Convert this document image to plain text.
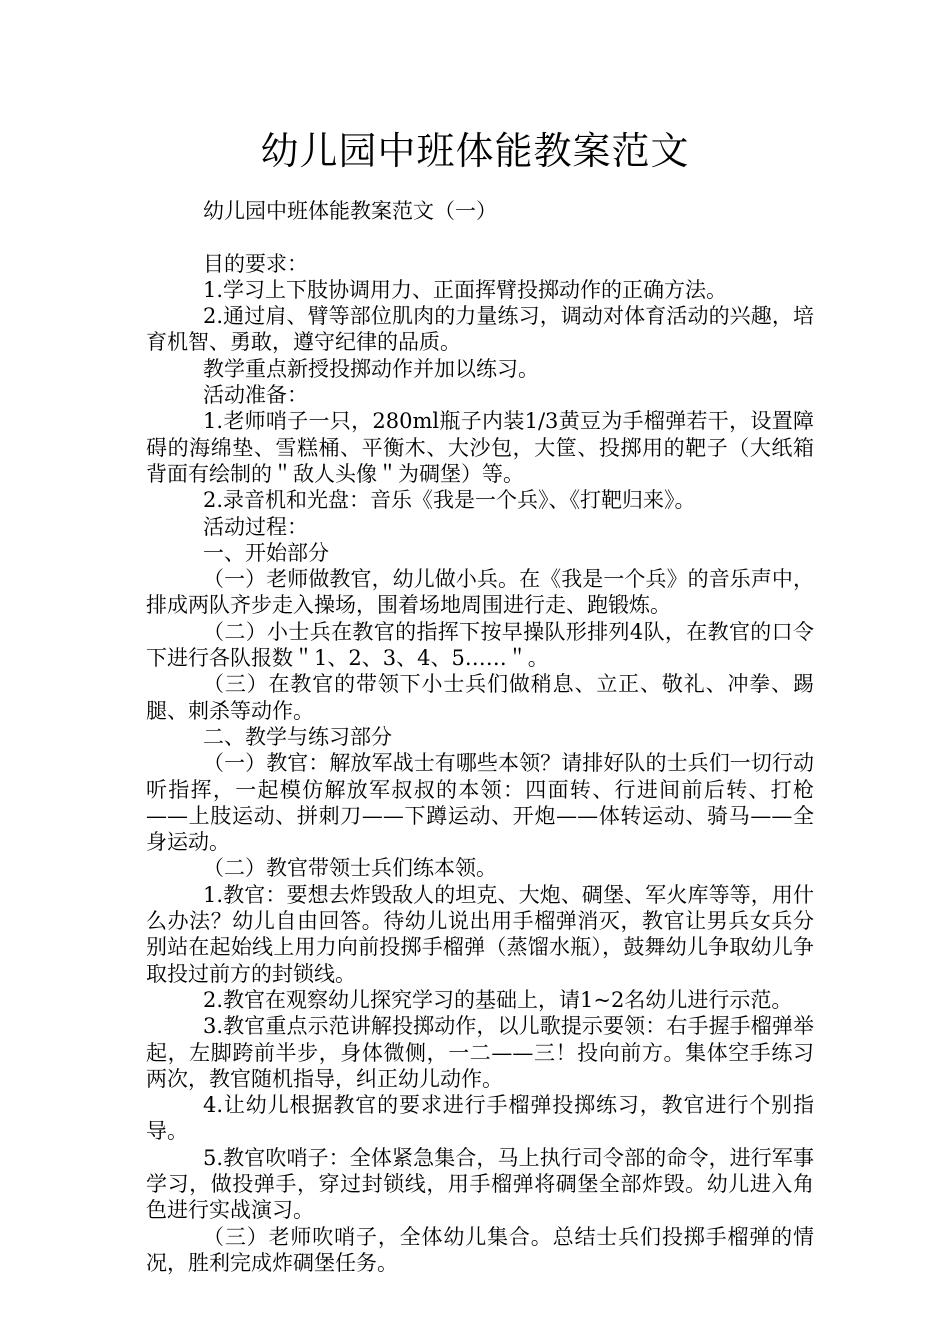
幼儿园中班体能教案范文

幼儿园中班体能教案范文（一）

目的要求：

1.学习上下肢协调用力、正面挥臂投掷动作的正确方法。

2.通过肩、臂等部位肌肉的力量练习，调动对体育活动的兴趣，培育机智、勇敢，遵守纪律的品质。

教学重点新授投掷动作并加以练习。

活动准备：

1.老师哨子一只，280ml瓶子内装1/3黄豆为手榴弹若干，设置障碍的海绵垫、雪糕桶、平衡木、大沙包，大筐、投掷用的靶子（大纸箱背面有绘制的＂敌人头像＂为碉堡）等。

2.录音机和光盘：音乐《我是一个兵》、《打靶归来》。

活动过程：

一、开始部分

（一）老师做教官，幼儿做小兵。在《我是一个兵》的音乐声中，排成两队齐步走入操场，围着场地周围进行走、跑锻炼。

（二）小士兵在教官的指挥下按早操队形排列4队，在教官的口令下进行各队报数＂1、2、3、4、5……＂。

（三）在教官的带领下小士兵们做稍息、立正、敬礼、冲拳、踢腿、刺杀等动作。

二、教学与练习部分

（一）教官：解放军战士有哪些本领？请排好队的士兵们一切行动听指挥，一起模仿解放军叔叔的本领：四面转、行进间前后转、打枪——上肢运动、拼刺刀——下蹲运动、开炮——体转运动、骑马——全身运动。

（二）教官带领士兵们练本领。

1.教官：要想去炸毁敌人的坦克、大炮、碉堡、军火库等等，用什么办法？幼儿自由回答。待幼儿说出用手榴弹消灭，教官让男兵女兵分别站在起始线上用力向前投掷手榴弹（蒸馏水瓶），鼓舞幼儿争取幼儿争取投过前方的封锁线。

2.教官在观察幼儿探究学习的基础上，请1~2名幼儿进行示范。

3.教官重点示范讲解投掷动作，以儿歌提示要领：右手握手榴弹举起，左脚跨前半步，身体微侧，一二——三！投向前方。集体空手练习两次，教官随机指导，纠正幼儿动作。

4.让幼儿根据教官的要求进行手榴弹投掷练习，教官进行个别指导。

5.教官吹哨子：全体紧急集合，马上执行司令部的命令，进行军事学习，做投弹手，穿过封锁线，用手榴弹将碉堡全部炸毁。幼儿进入角色进行实战演习。

（三）老师吹哨子，全体幼儿集合。总结士兵们投掷手榴弹的情况，胜利完成炸碉堡任务。
